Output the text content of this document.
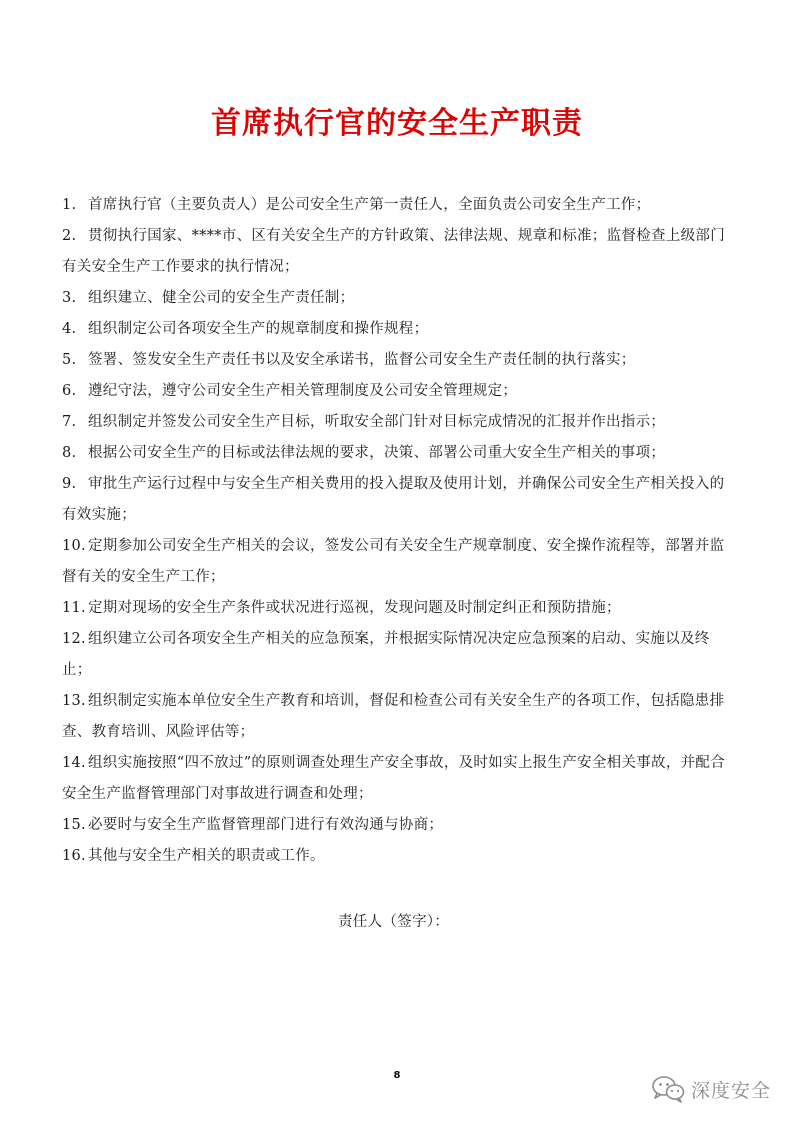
首席执行官的安全生产职责
1. 首席执行官（主要负责人）是公司安全生产第一责任人，全面负责公司安全生产工作；
2. 贯彻执行国家、****市、区有关安全生产的方针政策、法律法规、规章和标准；监督检查上级部门有关安全生产工作要求的执行情况；
3. 组织建立、健全公司的安全生产责任制；
4. 组织制定公司各项安全生产的规章制度和操作规程；
5. 签署、签发安全生产责任书以及安全承诺书，监督公司安全生产责任制的执行落实；
6. 遵纪守法，遵守公司安全生产相关管理制度及公司安全管理规定；
7. 组织制定并签发公司安全生产目标，听取安全部门针对目标完成情况的汇报并作出指示；
8. 根据公司安全生产的目标或法律法规的要求，决策、部署公司重大安全生产相关的事项；
9. 审批生产运行过程中与安全生产相关费用的投入提取及使用计划，并确保公司安全生产相关投入的有效实施；
10. 定期参加公司安全生产相关的会议，签发公司有关安全生产规章制度、安全操作流程等，部署并监督有关的安全生产工作；
11. 定期对现场的安全生产条件或状况进行巡视，发现问题及时制定纠正和预防措施；
12. 组织建立公司各项安全生产相关的应急预案，并根据实际情况决定应急预案的启动、实施以及终止；
13. 组织制定实施本单位安全生产教育和培训，督促和检查公司有关安全生产的各项工作，包括隐患排查、教育培训、风险评估等；
14. 组织实施按照“四不放过”的原则调查处理生产安全事故，及时如实上报生产安全相关事故，并配合安全生产监督管理部门对事故进行调查和处理；
15. 必要时与安全生产监督管理部门进行有效沟通与协商；
16. 其他与安全生产相关的职责或工作。
责任人（签字）：
8
深度安全
